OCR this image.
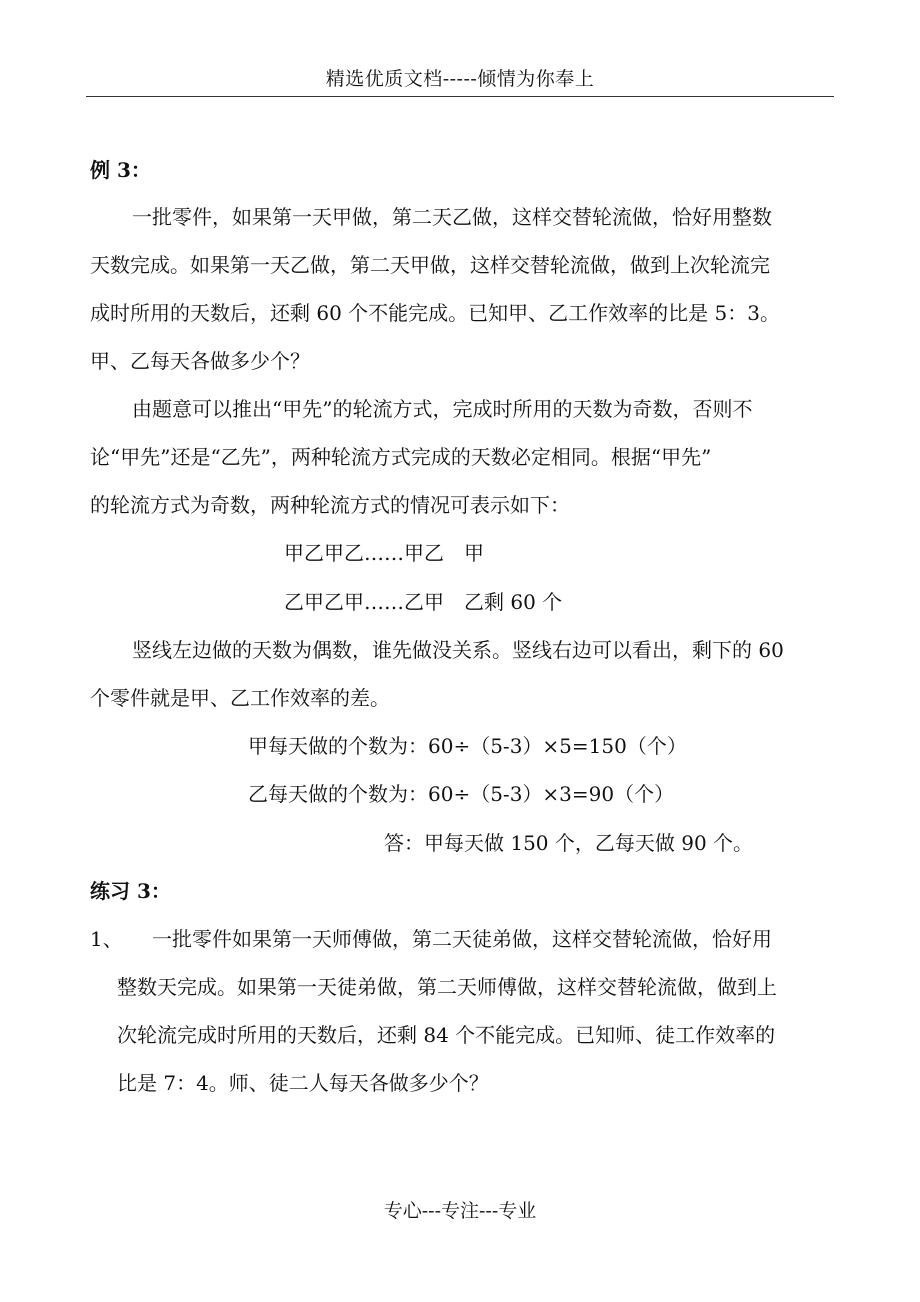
精选优质文档-----倾情为你奉上
例 3：
一批零件，如果第一天甲做，第二天乙做，这样交替轮流做，恰好用整数
天数完成。如果第一天乙做，第二天甲做，这样交替轮流做，做到上次轮流完
成时所用的天数后，还剩 60 个不能完成。已知甲、乙工作效率的比是 5：3。
甲、乙每天各做多少个？
由题意可以推出“甲先”的轮流方式，完成时所用的天数为奇数，否则不
论“甲先”还是“乙先”，两种轮流方式完成的天数必定相同。根据“甲先”
的轮流方式为奇数，两种轮流方式的情况可表示如下：
甲乙甲乙……甲乙　甲
乙甲乙甲……乙甲　乙剩 60 个
竖线左边做的天数为偶数，谁先做没关系。竖线右边可以看出，剩下的 60
个零件就是甲、乙工作效率的差。
甲每天做的个数为：60÷（5-3）×5=150（个）
乙每天做的个数为：60÷（5-3）×3=90（个）
答：甲每天做 150 个，乙每天做 90 个。
练习 3：
1、 一批零件如果第一天师傅做，第二天徒弟做，这样交替轮流做，恰好用
整数天完成。如果第一天徒弟做，第二天师傅做，这样交替轮流做，做到上
次轮流完成时所用的天数后，还剩 84 个不能完成。已知师、徒工作效率的
比是 7：4。师、徒二人每天各做多少个？
专心---专注---专业
